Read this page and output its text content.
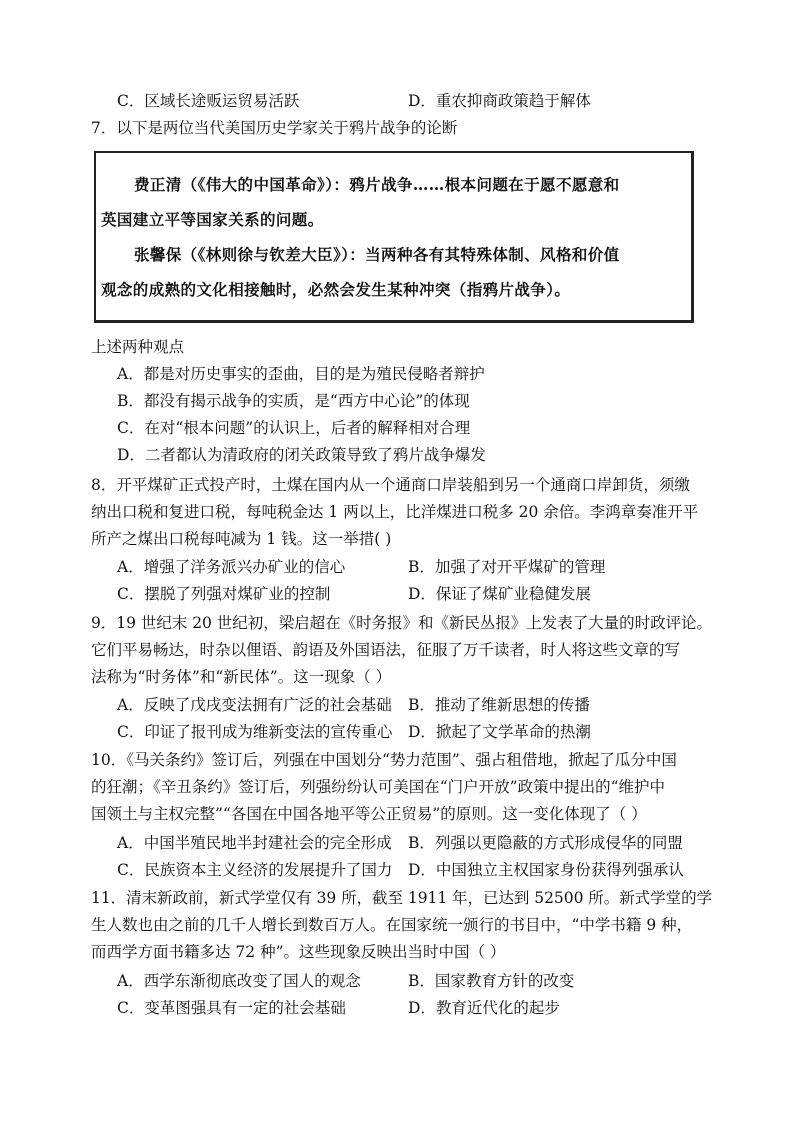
C．区域长途贩运贸易活跃	D．重农抑商政策趋于解体
7．以下是两位当代美国历史学家关于鸦片战争的论断
费正清（《伟大的中国革命》）：鸦片战争……根本问题在于愿不愿意和
英国建立平等国家关系的问题。
张馨保（《林则徐与钦差大臣》）：当两种各有其特殊体制、风格和价值
观念的成熟的文化相接触时，必然会发生某种冲突（指鸦片战争）。
上述两种观点
A．都是对历史事实的歪曲，目的是为殖民侵略者辩护
B．都没有揭示战争的实质，是“西方中心论”的体现
C．在对“根本问题”的认识上，后者的解释相对合理
D．二者都认为清政府的闭关政策导致了鸦片战争爆发
8．开平煤矿正式投产时，土煤在国内从一个通商口岸装船到另一个通商口岸卸货，须缴
纳出口税和复进口税，每吨税金达 1 两以上，比洋煤进口税多 20 余倍。李鸿章奏准开平
所产之煤出口税每吨减为 1 钱。这一举措( )
A．增强了洋务派兴办矿业的信心	B．加强了对开平煤矿的管理
C．摆脱了列强对煤矿业的控制	D．保证了煤矿业稳健发展
9．19 世纪末 20 世纪初，梁启超在《时务报》和《新民丛报》上发表了大量的时政评论。
它们平易畅达，时杂以俚语、韵语及外国语法，征服了万千读者，时人将这些文章的写
法称为“时务体”和“新民体”。这一现象（ ）
A．反映了戊戌变法拥有广泛的社会基础 B．推动了维新思想的传播
C．印证了报刊成为维新变法的宣传重心 D．掀起了文学革命的热潮
10．《马关条约》签订后，列强在中国划分“势力范围”、强占租借地，掀起了瓜分中国
的狂潮；《辛丑条约》签订后，列强纷纷认可美国在“门户开放”政策中提出的“维护中
国领土与主权完整”“各国在中国各地平等公正贸易”的原则。这一变化体现了（ ）
A．中国半殖民地半封建社会的完全形成 B．列强以更隐蔽的方式形成侵华的同盟
C．民族资本主义经济的发展提升了国力 D．中国独立主权国家身份获得列强承认
11．清末新政前，新式学堂仅有 39 所，截至 1911 年，已达到 52500 所。新式学堂的学
生人数也由之前的几千人增长到数百万人。在国家统一颁行的书目中，“中学书籍 9 种，
而西学方面书籍多达 72 种”。这些现象反映出当时中国（ ）
A．西学东渐彻底改变了国人的观念	B．国家教育方针的改变
C．变革图强具有一定的社会基础	D．教育近代化的起步
